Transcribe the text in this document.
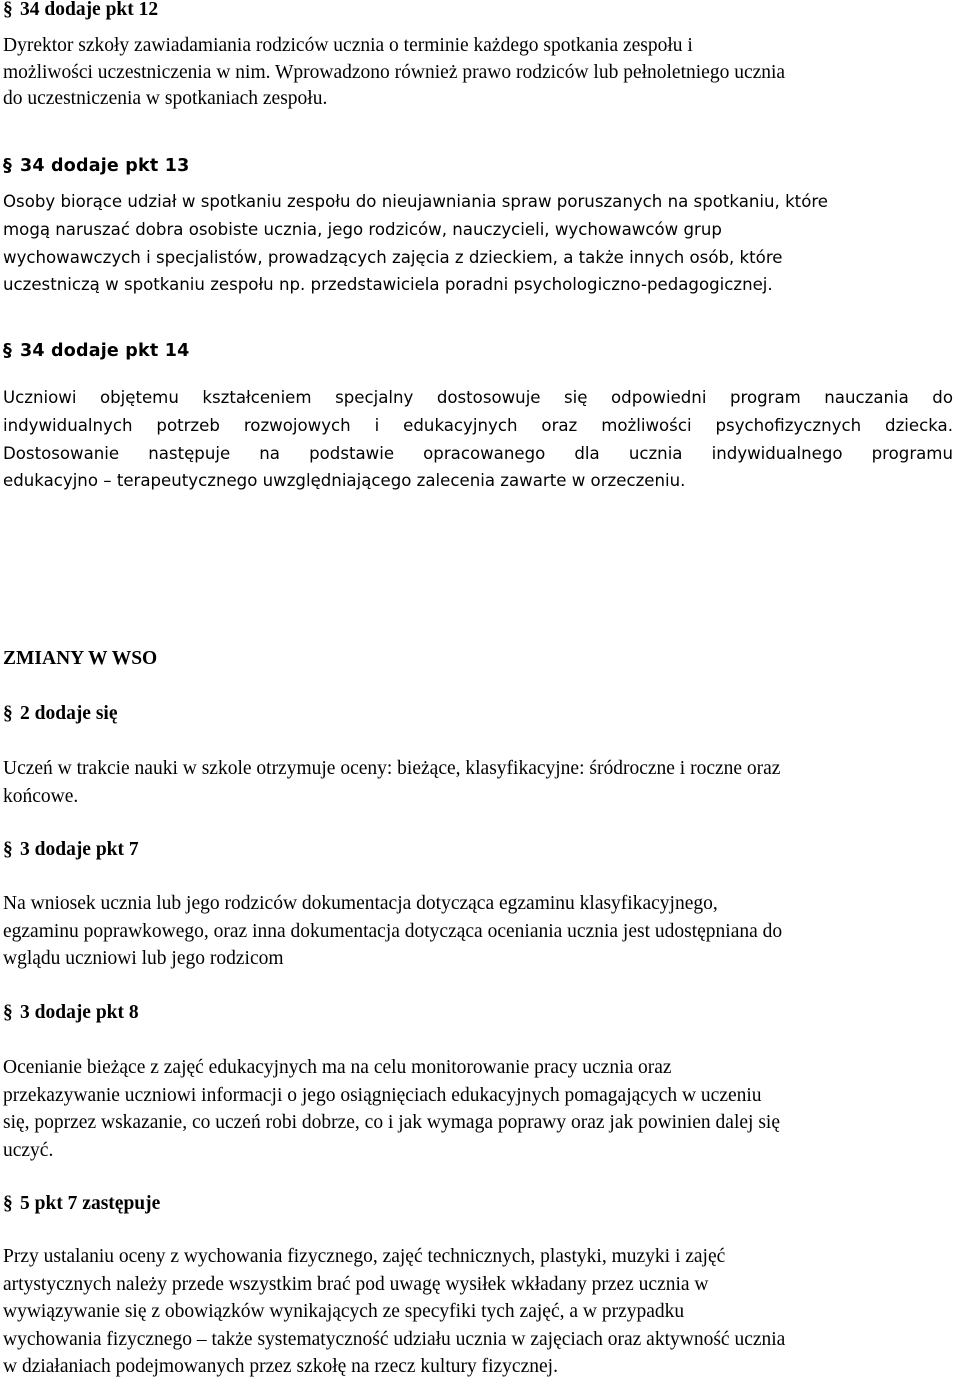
§ 34 dodaje pkt 12
Dyrektor szkoły zawiadamiania rodziców ucznia o terminie każdego spotkania zespołu i
możliwości uczestniczenia w nim. Wprowadzono również prawo rodziców lub pełnoletniego ucznia
do uczestniczenia w spotkaniach zespołu.
§ 34 dodaje pkt 13
Osoby biorące udział w spotkaniu zespołu do nieujawniania spraw poruszanych na spotkaniu, które
mogą naruszać dobra osobiste ucznia, jego rodziców, nauczycieli, wychowawców grup
wychowawczych i specjalistów, prowadzących zajęcia z dzieckiem, a także innych osób, które
uczestniczą w spotkaniu zespołu np. przedstawiciela poradni psychologiczno-pedagogicznej.
§ 34 dodaje pkt 14
Uczniowi objętemu kształceniem specjalny dostosowuje się odpowiedni program nauczania do
indywidualnych potrzeb rozwojowych i edukacyjnych oraz możliwości psychofizycznych dziecka.
Dostosowanie następuje na podstawie opracowanego dla ucznia indywidualnego programu
edukacyjno – terapeutycznego uwzględniającego zalecenia zawarte w orzeczeniu.
ZMIANY W WSO
§ 2 dodaje się
Uczeń w trakcie nauki w szkole otrzymuje oceny: bieżące, klasyfikacyjne: śródroczne i roczne oraz
końcowe.
§ 3 dodaje pkt 7
Na wniosek ucznia lub jego rodziców dokumentacja dotycząca egzaminu klasyfikacyjnego,
egzaminu poprawkowego, oraz inna dokumentacja dotycząca oceniania ucznia jest udostępniana do
wglądu uczniowi lub jego rodzicom
§ 3 dodaje pkt 8
Ocenianie bieżące z zajęć edukacyjnych ma na celu monitorowanie pracy ucznia oraz
przekazywanie uczniowi informacji o jego osiągnięciach edukacyjnych pomagających w uczeniu
się, poprzez wskazanie, co uczeń robi dobrze, co i jak wymaga poprawy oraz jak powinien dalej się
uczyć.
§ 5 pkt 7 zastępuje
Przy ustalaniu oceny z wychowania fizycznego, zajęć technicznych, plastyki, muzyki i zajęć
artystycznych należy przede wszystkim brać pod uwagę wysiłek wkładany przez ucznia w
wywiązywanie się z obowiązków wynikających ze specyfiki tych zajęć, a w przypadku
wychowania fizycznego – także systematyczność udziału ucznia w zajęciach oraz aktywność ucznia
w działaniach podejmowanych przez szkołę na rzecz kultury fizycznej.
